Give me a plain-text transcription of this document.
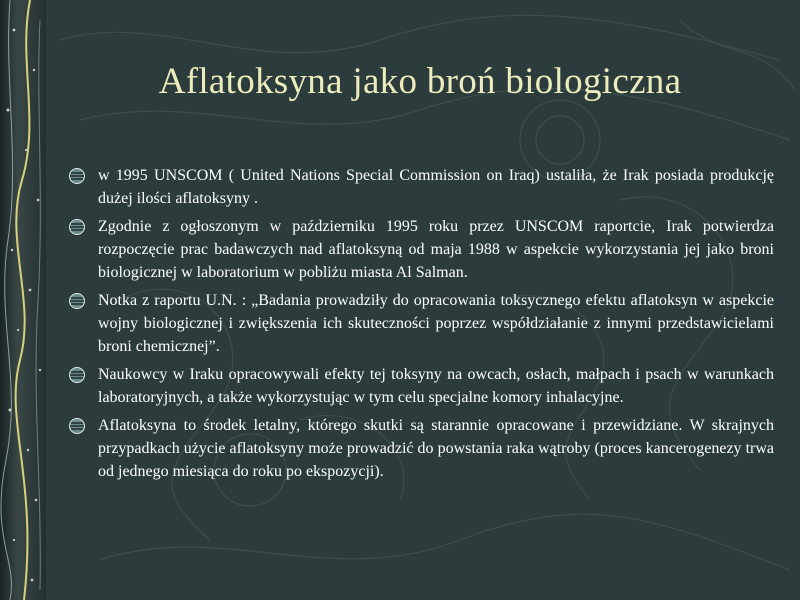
Aflatoksyna jako broń biologiczna
w 1995 UNSCOM ( United Nations Special Commission on Iraq) ustaliła, że Irak posiada produkcję dużej ilości aflatoksyny .
Zgodnie z ogłoszonym w październiku 1995 roku przez UNSCOM raportcie, Irak potwierdza rozpoczęcie prac badawczych nad aflatoksyną od maja 1988 w aspekcie wykorzystania jej jako broni biologicznej w laboratorium w pobliżu miasta Al Salman.
Notka z raportu U.N. : „Badania prowadziły do opracowania toksycznego efektu aflatoksyn w aspekcie wojny biologicznej i zwiększenia ich skuteczności poprzez współdziałanie z innymi przedstawicielami broni chemicznej”.
Naukowcy w Iraku opracowywali efekty tej toksyny na owcach, osłach, małpach i psach w warunkach laboratoryjnych, a także wykorzystując w tym celu specjalne komory inhalacyjne.
Aflatoksyna to środek letalny, którego skutki są starannie opracowane i przewidziane. W skrajnych przypadkach użycie aflatoksyny może prowadzić do powstania raka wątroby (proces kancerogenezy trwa od jednego miesiąca do roku po ekspozycji).
